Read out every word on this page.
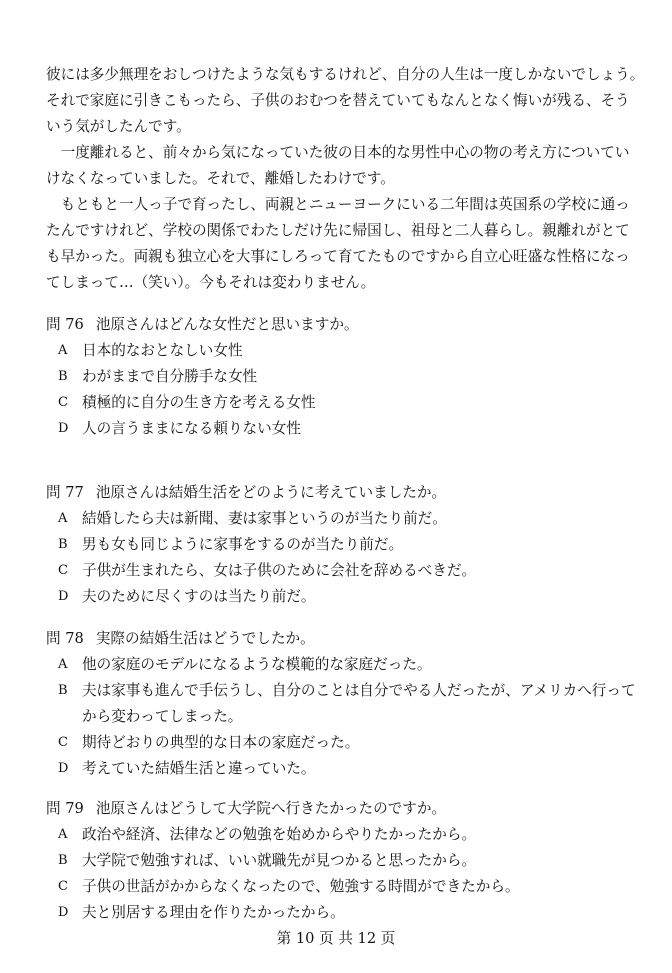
彼には多少無理をおしつけたような気もするけれど、自分の人生は一度しかないでしょう。
それで家庭に引きこもったら、子供のおむつを替えていてもなんとなく悔いが残る、そう
いう気がしたんです。
　一度離れると、前々から気になっていた彼の日本的な男性中心の物の考え方についてい
けなくなっていました。それで、離婚したわけです。
　もともと一人っ子で育ったし、両親とニューヨークにいる二年間は英国系の学校に通っ
たんですけれど、学校の関係でわたしだけ先に帰国し、祖母と二人暮らし。親離れがとて
も早かった。両親も独立心を大事にしろって育てたものですから自立心旺盛な性格になっ
てしまって…（笑い）。今もそれは変わりません。
問 76 池原さんはどんな女性だと思いますか。
A 日本的なおとなしい女性
B わがままで自分勝手な女性
C 積極的に自分の生き方を考える女性
D 人の言うままになる頼りない女性
問 77 池原さんは結婚生活をどのように考えていましたか。
A 結婚したら夫は新聞、妻は家事というのが当たり前だ。
B 男も女も同じように家事をするのが当たり前だ。
C 子供が生まれたら、女は子供のために会社を辞めるべきだ。
D 夫のために尽くすのは当たり前だ。
問 78 実際の結婚生活はどうでしたか。
A 他の家庭のモデルになるような模範的な家庭だった。
B 夫は家事も進んで手伝うし、自分のことは自分でやる人だったが、アメリカへ行って
から変わってしまった。
C 期待どおりの典型的な日本の家庭だった。
D 考えていた結婚生活と違っていた。
問 79 池原さんはどうして大学院へ行きたかったのですか。
A 政治や経済、法律などの勉強を始めからやりたかったから。
B 大学院で勉強すれば、いい就職先が見つかると思ったから。
C 子供の世話がかからなくなったので、勉強する時間ができたから。
D 夫と別居する理由を作りたかったから。
第 10 页 共 12 页
